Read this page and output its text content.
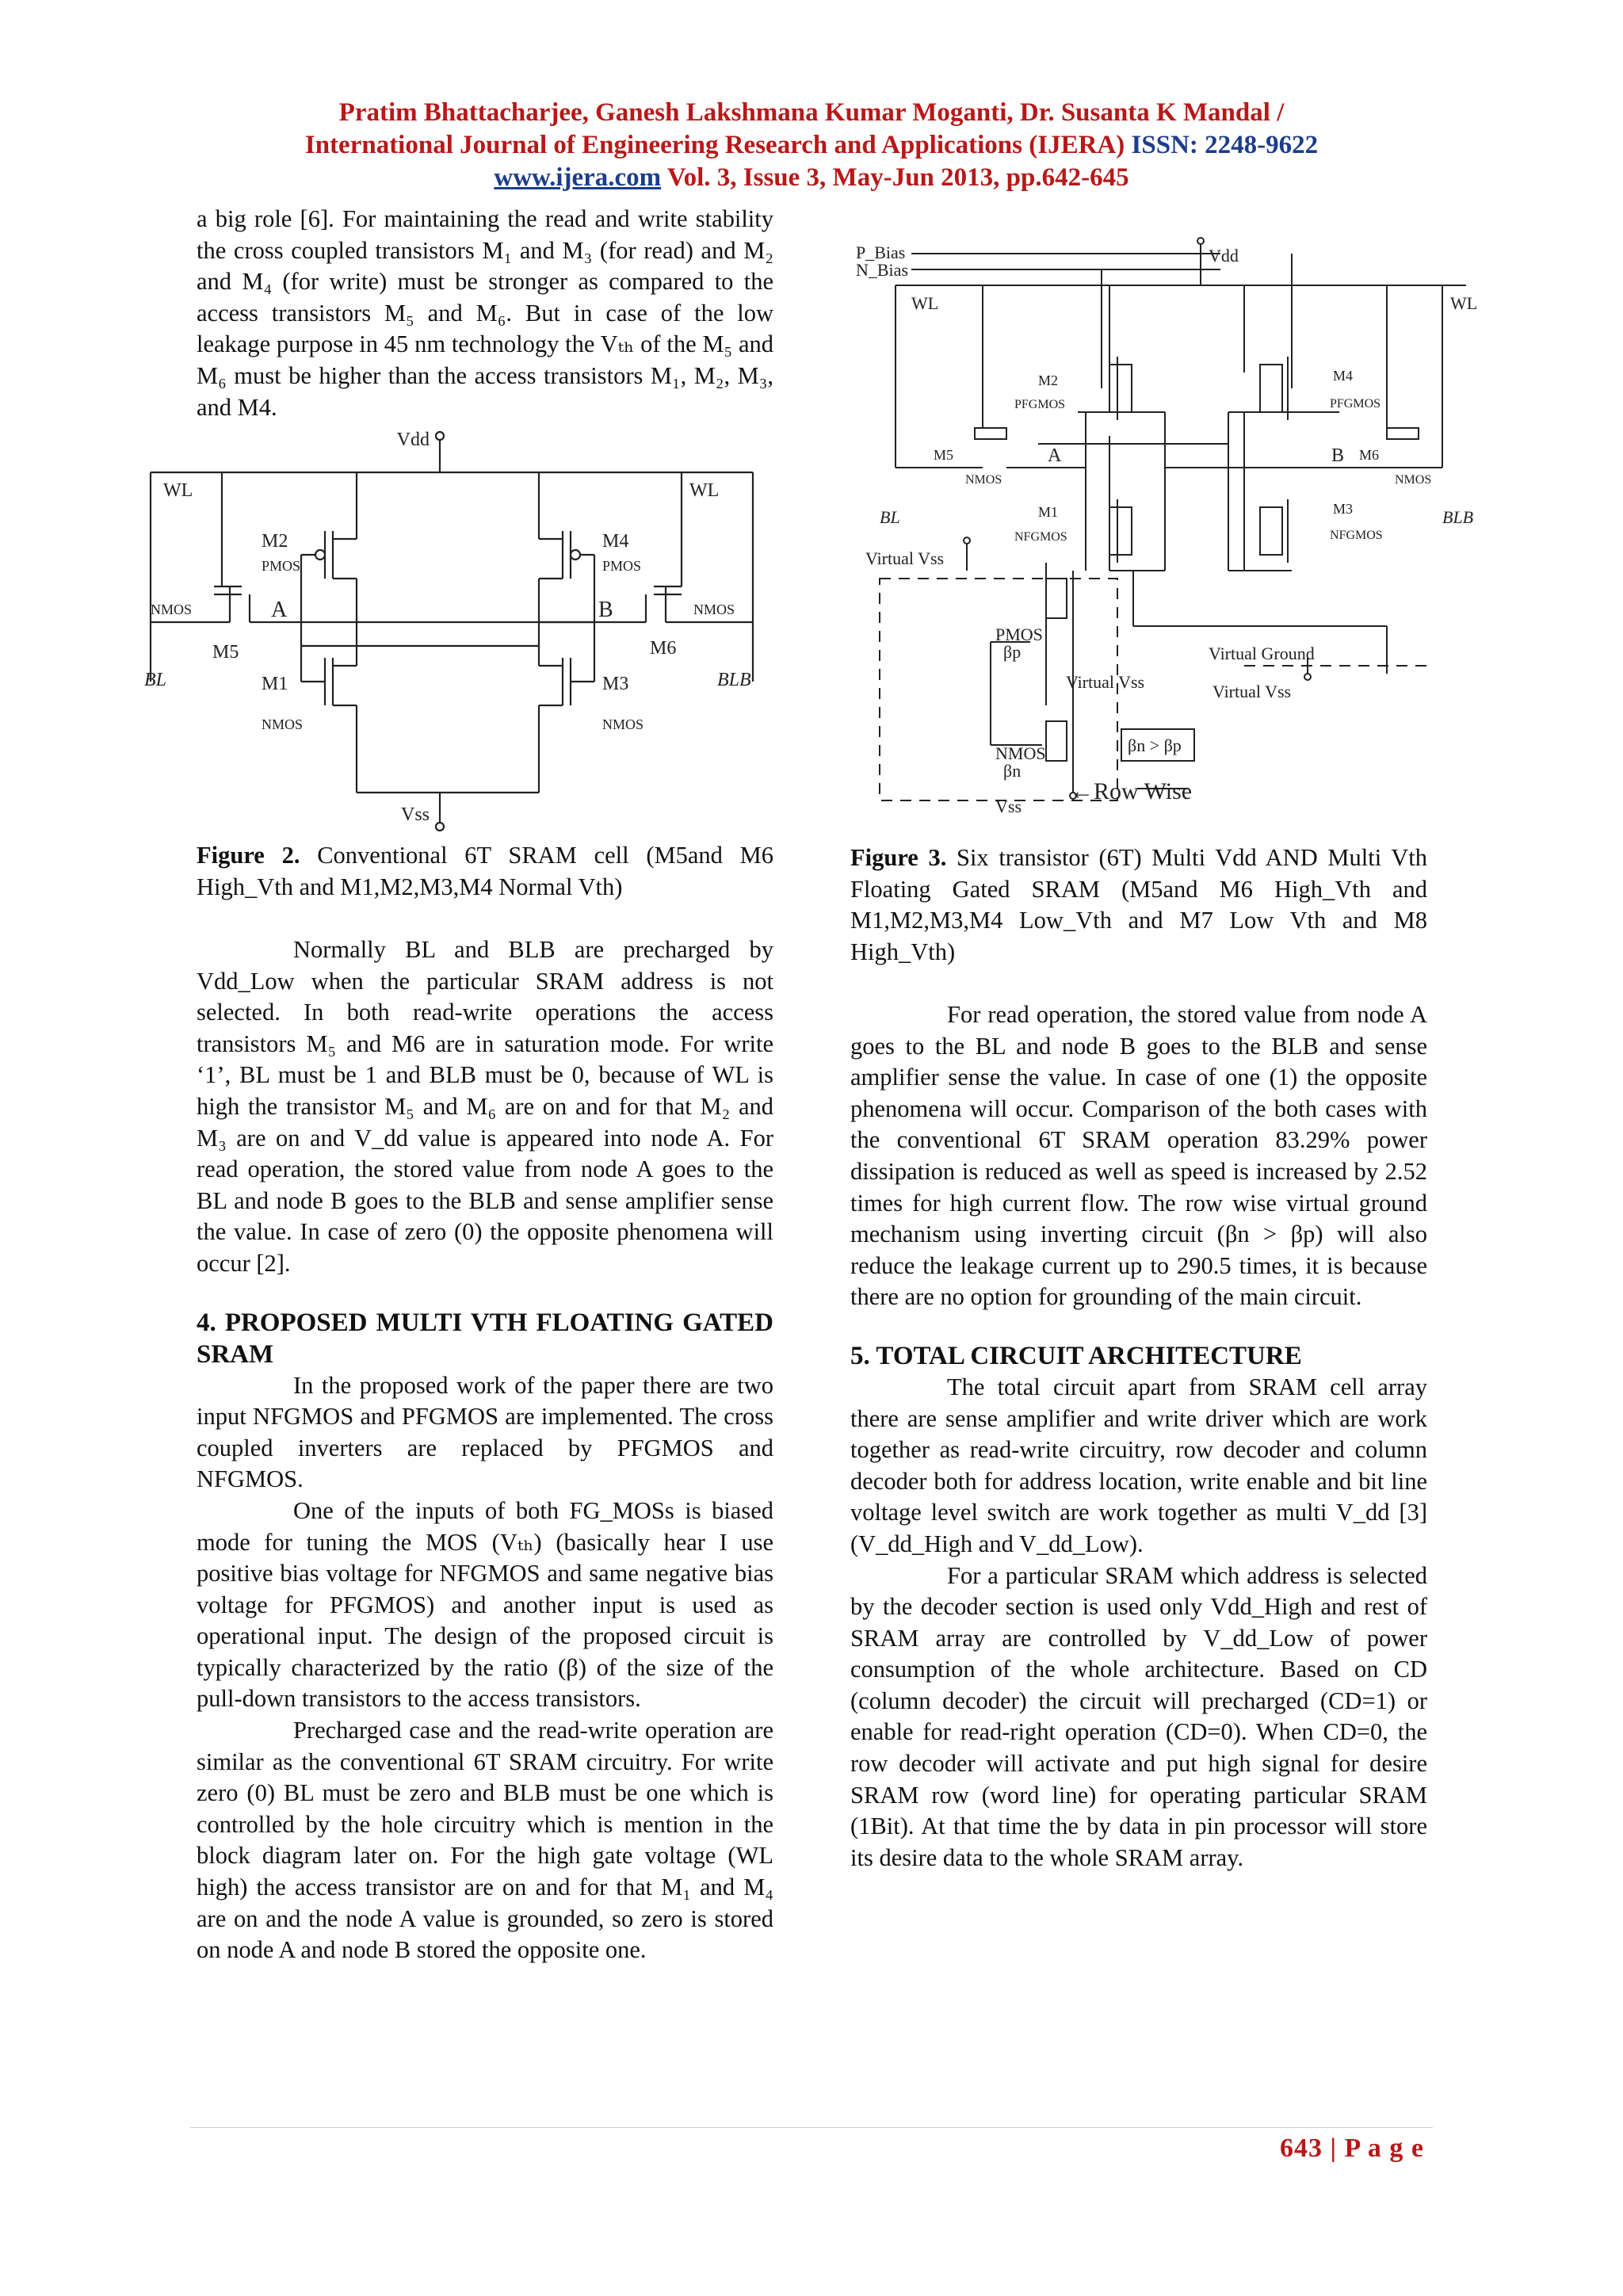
Pratim Bhattacharjee, Ganesh Lakshmana Kumar Moganti, Dr. Susanta K Mandal /
International Journal of Engineering Research and Applications (IJERA) ISSN: 2248-9622
www.ijera.com Vol. 3, Issue 3, May-Jun 2013, pp.642-645

a big role [6]. For maintaining the read and write stability the cross coupled transistors M₁ and M₃ (for read) and M₂ and M₄ (for write) must be stronger as compared to the access transistors M₅ and M₆. But in case of the low leakage purpose in 45 nm technology the Vₜₕ of the M₅ and M₆ must be higher than the access transistors M₁, M₂, M₃, and M4.

Vdd
Vss
WL	WL
M2
PMOS
M4
PMOS
M1
NMOS
M3
NMOS
M5
NMOS
M6
NMOS
A	B
BL	BLB
Figure 2. Conventional 6T SRAM cell (M5and M6 High_Vth and M1,M2,M3,M4 Normal Vth)

Normally BL and BLB are precharged by Vdd_Low when the particular SRAM address is not selected. In both read-write operations the access transistors M₅ and M6 are in saturation mode. For write ‘1’, BL must be 1 and BLB must be 0, because of WL is high the transistor M₅ and M₆ are on and for that M₂ and M₃ are on and V_dd value is appeared into node A. For read operation, the stored value from node A goes to the BL and node B goes to the BLB and sense amplifier sense the value. In case of zero (0) the opposite phenomena will occur [2].

4. PROPOSED MULTI VTH FLOATING GATED SRAM

In the proposed work of the paper there are two input NFGMOS and PFGMOS are implemented. The cross coupled inverters are replaced by PFGMOS and NFGMOS.

One of the inputs of both FG_MOSs is biased mode for tuning the MOS (Vₜₕ) (basically hear I use positive bias voltage for NFGMOS and same negative bias voltage for PFGMOS) and another input is used as operational input. The design of the proposed circuit is typically characterized by the ratio (β) of the size of the pull-down transistors to the access transistors.

Precharged case and the read-write operation are similar as the conventional 6T SRAM circuitry. For write zero (0) BL must be zero and BLB must be one which is controlled by the hole circuitry which is mention in the block diagram later on. For the high gate voltage (WL high) the access transistor are on and for that M₁ and M₄ are on and the node A value is grounded, so zero is stored on node A and node B stored the opposite one.

P_Bias
N_Bias
Vdd
WL	WL
M2
PFGMOS
M4
PFGMOS
M1
NFGMOS
M3
NFGMOS
M5
NMOS
M6
NMOS
A	B
BL	BLB
Virtual Vss
PMOS
βp
NMOS
βn
Virtual Vss
Virtual Ground
Virtual Vss
βn > βp
Vss
←Row Wise
Figure 3. Six transistor (6T) Multi Vdd AND Multi Vth Floating Gated SRAM (M5and M6 High_Vth and M1,M2,M3,M4 Low_Vth and M7 Low Vth and M8 High_Vth)

For read operation, the stored value from node A goes to the BL and node B goes to the BLB and sense amplifier sense the value. In case of one (1) the opposite phenomena will occur. Comparison of the both cases with the conventional 6T SRAM operation 83.29% power dissipation is reduced as well as speed is increased by 2.52 times for high current flow. The row wise virtual ground mechanism using inverting circuit (βn > βp) will also reduce the leakage current up to 290.5 times, it is because there are no option for grounding of the main circuit.

5. TOTAL CIRCUIT ARCHITECTURE

The total circuit apart from SRAM cell array there are sense amplifier and write driver which are work together as read-write circuitry, row decoder and column decoder both for address location, write enable and bit line voltage level switch are work together as multi V_dd [3] (V_dd_High and V_dd_Low).

For a particular SRAM which address is selected by the decoder section is used only Vdd_High and rest of SRAM array are controlled by V_dd_Low of power consumption of the whole architecture. Based on CD (column decoder) the circuit will precharged (CD=1) or enable for read-right operation (CD=0). When CD=0, the row decoder will activate and put high signal for desire SRAM row (word line) for operating particular SRAM (1Bit). At that time the by data in pin processor will store its desire data to the whole SRAM array.

643 | P a g e
